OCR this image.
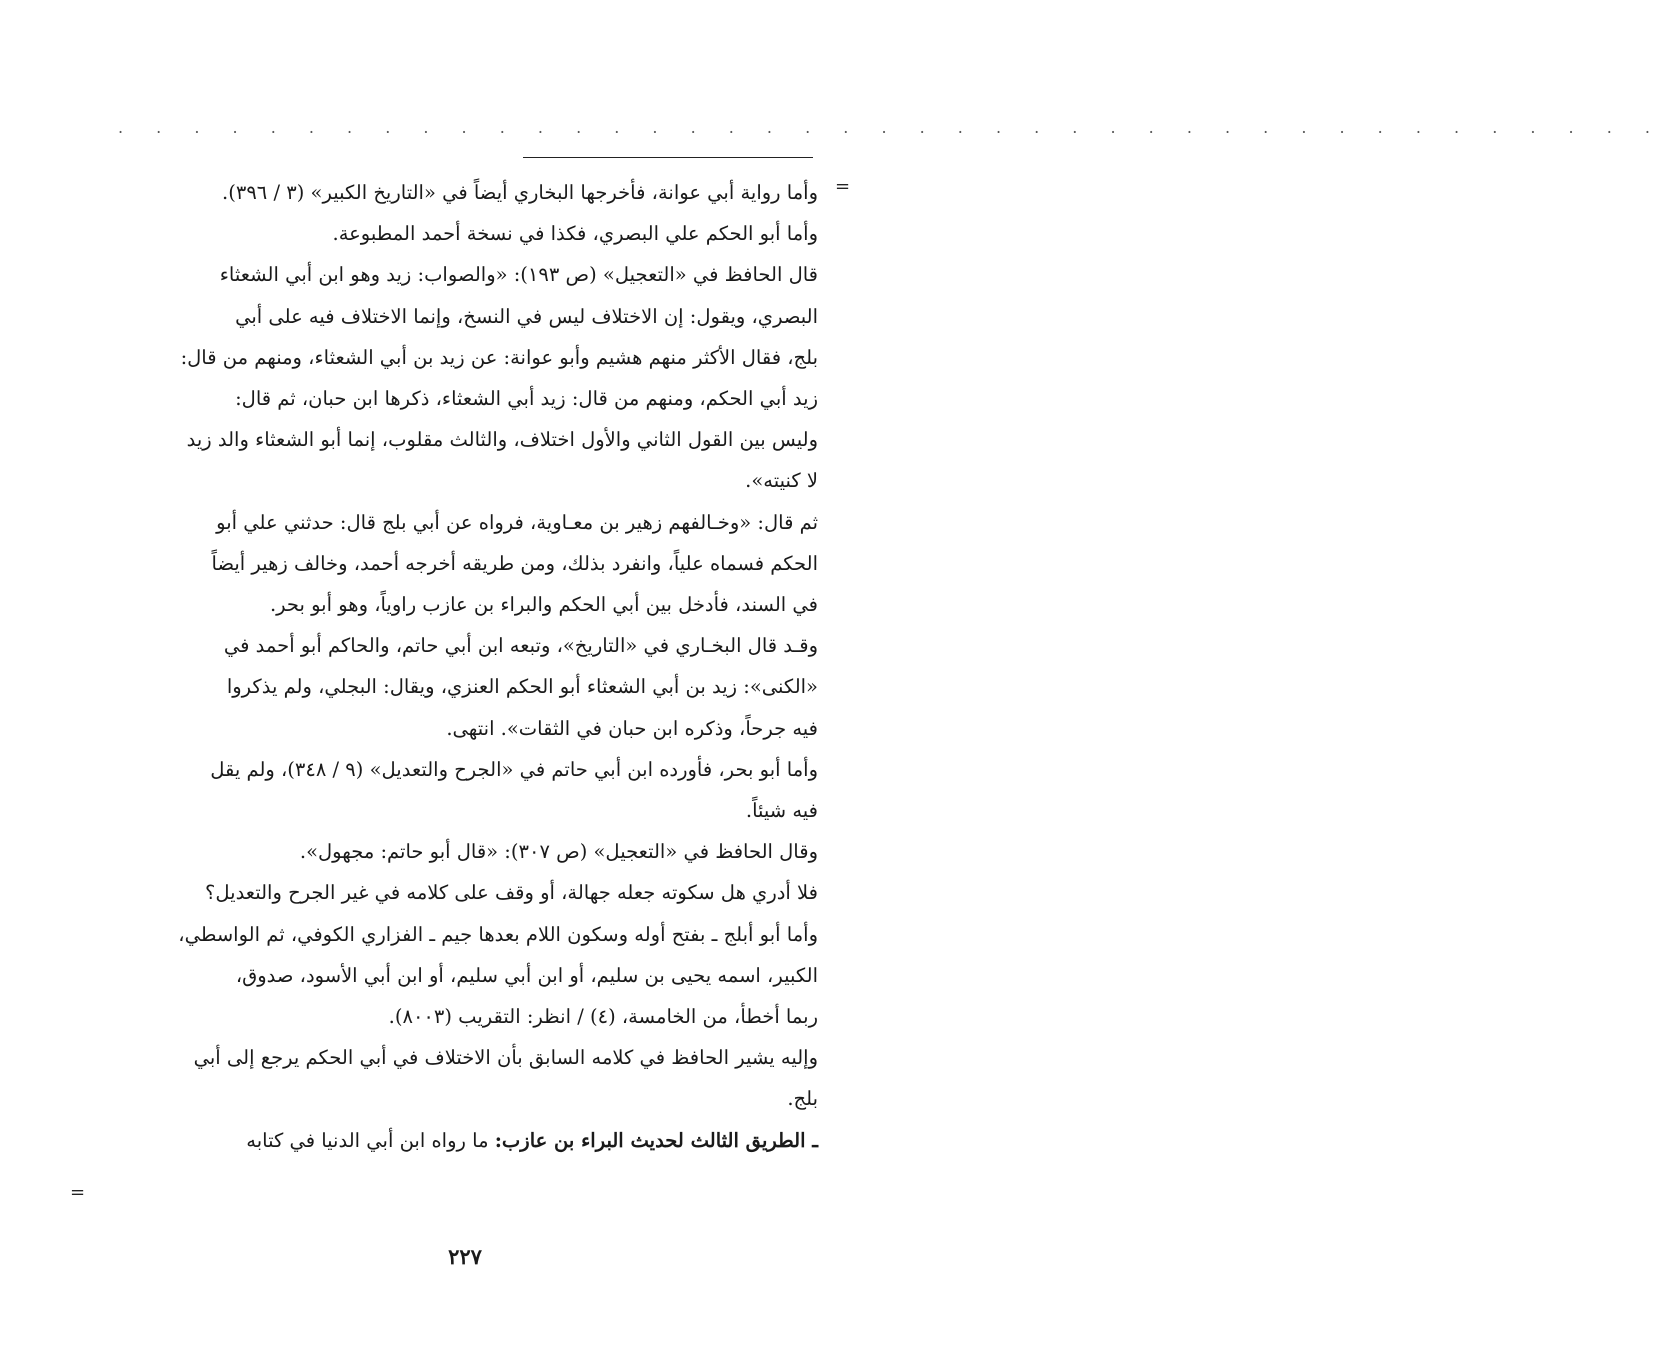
. . . . . . . . . . . . . . . . . . . . . . . . . . . . . . . . . . . . . . . . .
=
وأما رواية أبي عوانة، فأخرجها البخاري أيضاً في «التاريخ الكبير» (٣ / ٣٩٦).
وأما أبو الحكم علي البصري، فكذا في نسخة أحمد المطبوعة.
قال الحافظ في «التعجيل» (ص ١٩٣): «والصواب: زيد وهو ابن أبي الشعثاء
البصري، ويقول: إن الاختلاف ليس في النسخ، وإنما الاختلاف فيه على أبي
بلج، فقال الأكثر منهم هشيم وأبو عوانة: عن زيد بن أبي الشعثاء، ومنهم من قال:
زيد أبي الحكم، ومنهم من قال: زيد أبي الشعثاء، ذكرها ابن حبان، ثم قال:
وليس بين القول الثاني والأول اختلاف، والثالث مقلوب، إنما أبو الشعثاء والد زيد
لا كنيته».
ثم قال: «وخـالفهم زهير بن معـاوية، فرواه عن أبي بلج قال: حدثني علي أبو
الحكم فسماه علياً، وانفرد بذلك، ومن طريقه أخرجه أحمد، وخالف زهير أيضاً
في السند، فأدخل بين أبي الحكم والبراء بن عازب راوياً، وهو أبو بحر.
وقـد قال البخـاري في «التاريخ»، وتبعه ابن أبي حاتم، والحاكم أبو أحمد في
«الكنى»: زيد بن أبي الشعثاء أبو الحكم العنزي، ويقال: البجلي، ولم يذكروا
فيه جرحاً، وذكره ابن حبان في الثقات». انتهى.
وأما أبو بحر، فأورده ابن أبي حاتم في «الجرح والتعديل» (٩ / ٣٤٨)، ولم يقل
فيه شيئاً.
وقال الحافظ في «التعجيل» (ص ٣٠٧): «قال أبو حاتم: مجهول».
فلا أدري هل سكوته جعله جهالة، أو وقف على كلامه في غير الجرح والتعديل؟
وأما أبو أبلج ـ بفتح أوله وسكون اللام بعدها جيم ـ الفزاري الكوفي، ثم الواسطي،
الكبير، اسمه يحيى بن سليم، أو ابن أبي سليم، أو ابن أبي الأسود، صدوق،
ربما أخطأ، من الخامسة، (٤) / انظر: التقريب (٨٠٠٣).
وإليه يشير الحافظ في كلامه السابق بأن الاختلاف في أبي الحكم يرجع إلى أبي
بلج.
ـ الطريق الثالث لحديث البراء بن عازب: ما رواه ابن أبي الدنيا في كتابه
=
٢٢٧
